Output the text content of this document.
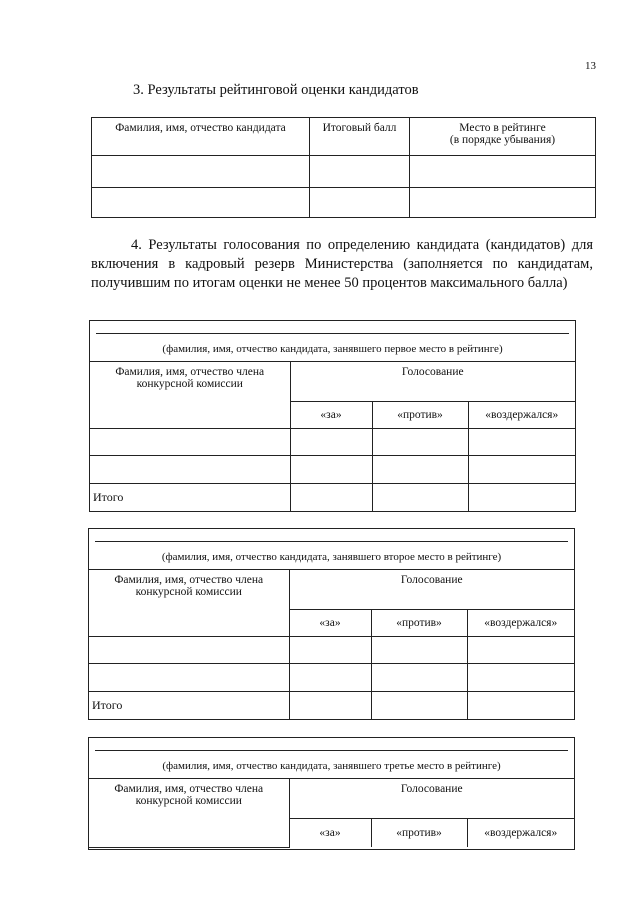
13
3. Результаты рейтинговой оценки кандидатов
Фамилия, имя, отчество кандидата	Итоговый балл	Место в рейтинге
(в порядке убывания)

4. Результаты голосования по определению кандидата (кандидатов) для включения в кадровый резерв Министерства (заполняется по кандидатам, получившим по итогам оценки не менее 50 процентов максимального балла)
(фамилия, имя, отчество кандидата, занявшего первое место в рейтинге)			

Фамилия, имя, отчество члена конкурсной комиссии	Голосование		
	«за»	«против»	«воздержался»

Итого			
(фамилия, имя, отчество кандидата, занявшего второе место в рейтинге)			

Фамилия, имя, отчество члена конкурсной комиссии	Голосование		
	«за»	«против»	«воздержался»

Итого			
(фамилия, имя, отчество кандидата, занявшего третье место в рейтинге)			

Фамилия, имя, отчество члена конкурсной комиссии	Голосование		
	«за»	«против»	«воздержался»
